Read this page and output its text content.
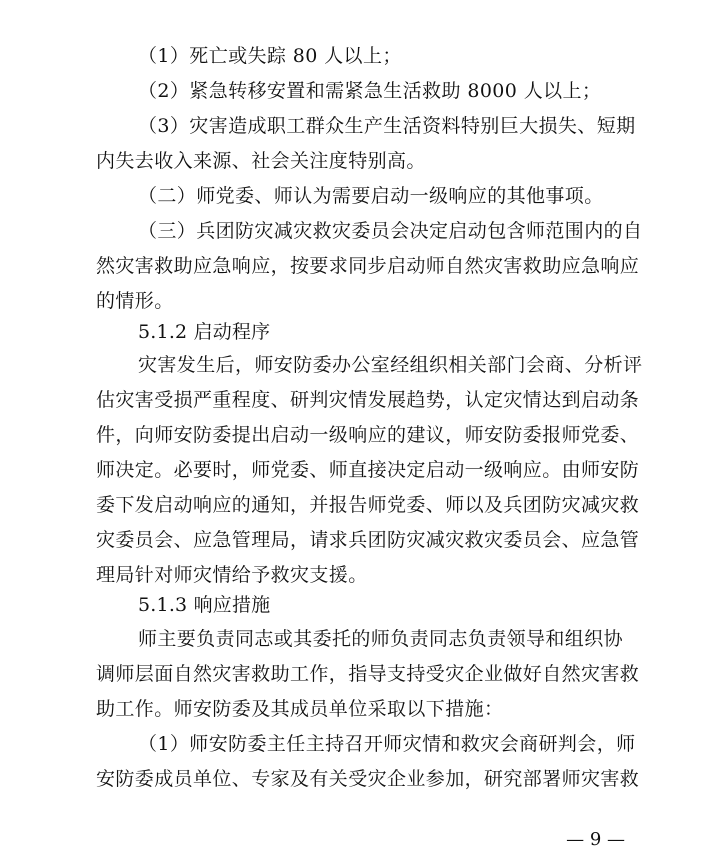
（1）死亡或失踪 80 人以上；
（2）紧急转移安置和需紧急生活救助 8000 人以上；
（3）灾害造成职工群众生产生活资料特别巨大损失、短期
内失去收入来源、社会关注度特别高。
（二）师党委、师认为需要启动一级响应的其他事项。
（三）兵团防灾减灾救灾委员会决定启动包含师范围内的自
然灾害救助应急响应，按要求同步启动师自然灾害救助应急响应
的情形。
5.1.2 启动程序
灾害发生后，师安防委办公室经组织相关部门会商、分析评
估灾害受损严重程度、研判灾情发展趋势，认定灾情达到启动条
件，向师安防委提出启动一级响应的建议，师安防委报师党委、
师决定。必要时，师党委、师直接决定启动一级响应。由师安防
委下发启动响应的通知，并报告师党委、师以及兵团防灾减灾救
灾委员会、应急管理局，请求兵团防灾减灾救灾委员会、应急管
理局针对师灾情给予救灾支援。
5.1.3 响应措施
师主要负责同志或其委托的师负责同志负责领导和组织协
调师层面自然灾害救助工作，指导支持受灾企业做好自然灾害救
助工作。师安防委及其成员单位采取以下措施：
（1）师安防委主任主持召开师灾情和救灾会商研判会，师
安防委成员单位、专家及有关受灾企业参加，研究部署师灾害救
— 9 —
